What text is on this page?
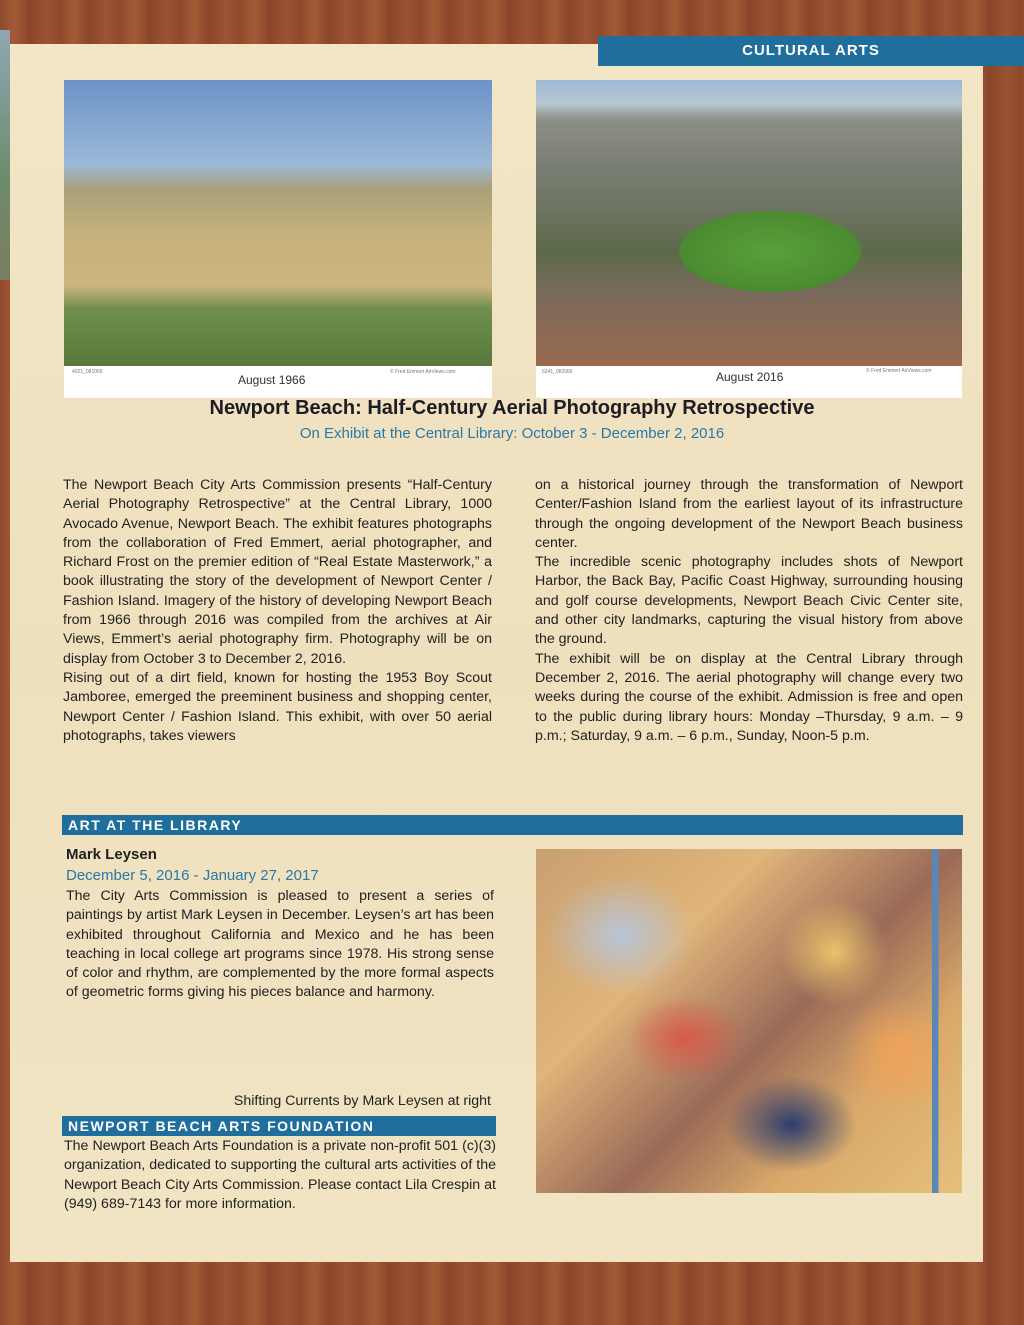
CULTURAL ARTS
4021_081066
August 1966
© Fred Emmert AirViews.com	6241_082066	August 2016	© Fred Emmert AirViews.com
Newport Beach: Half-Century Aerial Photography Retrospective
On Exhibit at the Central Library: October 3 - December 2, 2016

The Newport Beach City Arts Commission presents “Half-Century Aerial Photography Retrospective” at the Central Library, 1000 Avocado Avenue, Newport Beach. The exhibit features photographs from the collaboration of Fred Emmert, aerial photographer, and Richard Frost on the premier edition of “Real Estate Masterwork,” a book illustrating the story of the development of Newport Center / Fashion Island. Imagery of the history of developing Newport Beach from 1966 through 2016 was compiled from the archives at Air Views, Emmert’s aerial photography firm. Photography will be on display from October 3 to December 2, 2016.

Rising out of a dirt field, known for hosting the 1953 Boy Scout Jamboree, emerged the preeminent business and shopping center, Newport Center / Fashion Island. This exhibit, with over 50 aerial photographs, takes viewers

on a historical journey through the transformation of Newport Center/Fashion Island from the earliest layout of its infrastructure through the ongoing development of the Newport Beach business center.

The incredible scenic photography includes shots of Newport Harbor, the Back Bay, Pacific Coast Highway, surrounding housing and golf course developments, Newport Beach Civic Center site, and other city landmarks, capturing the visual history from above the ground.

The exhibit will be on display at the Central Library through December 2, 2016. The aerial photography will change every two weeks during the course of the exhibit. Admission is free and open to the public during library hours: Monday –Thursday, 9 a.m. – 9 p.m.; Saturday, 9 a.m. – 6 p.m., Sunday, Noon-5 p.m.

ART AT THE LIBRARY
Mark Leysen
December 5, 2016 - January 27, 2017

The City Arts Commission is pleased to present a series of paintings by artist Mark Leysen in December. Leysen’s art has been exhibited throughout California and Mexico and he has been teaching in local college art programs since 1978. His strong sense of color and rhythm, are complemented by the more formal aspects of geometric forms giving his pieces balance and harmony.

Shifting Currents by Mark Leysen at right
NEWPORT BEACH ARTS FOUNDATION

The Newport Beach Arts Foundation is a private non-profit 501 (c)(3) organization, dedicated to supporting the cultural arts activities of the Newport Beach City Arts Commission. Please contact Lila Crespin at (949) 689-7143 for more information.
